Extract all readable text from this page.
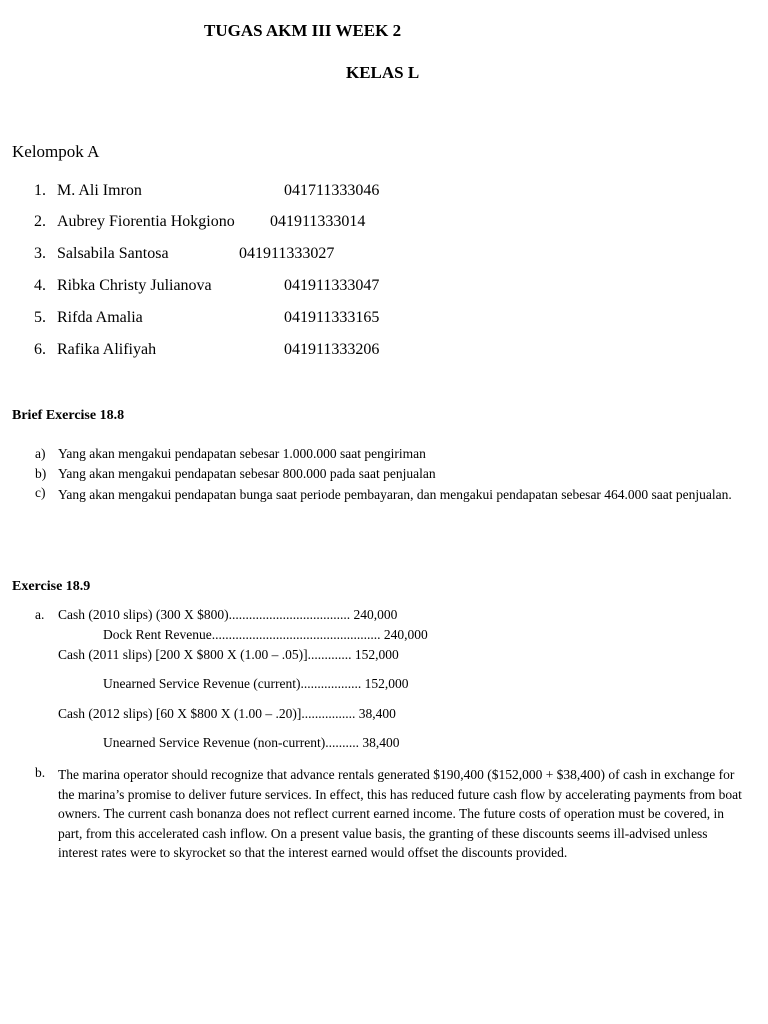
TUGAS AKM III WEEK 2
KELAS L
Kelompok A
1. M. Ali Imron	041711333046
2. Aubrey Fiorentia Hokgiono 041911333014
3. Salsabila Santosa	041911333027
4. Ribka Christy Julianova	041911333047
5. Rifda Amalia	041911333165
6. Rafika Alifiyah	041911333206
Brief Exercise 18.8
a) Yang akan mengakui pendapatan sebesar 1.000.000 saat pengiriman
b) Yang akan mengakui pendapatan sebesar 800.000 pada saat penjualan
c) Yang akan mengakui pendapatan bunga saat periode pembayaran, dan mengakui pendapatan sebesar 464.000 saat penjualan.
Exercise 18.9
a. Cash (2010 slips) (300 X $800).................................... 240,000
Dock Rent Revenue.................................................. 240,000
Cash (2011 slips) [200 X $800 X (1.00 – .05)]............. 152,000
Unearned Service Revenue (current).................. 152,000
Cash (2012 slips) [60 X $800 X (1.00 – .20)]................ 38,400
Unearned Service Revenue (non-current).......... 38,400
b. The marina operator should recognize that advance rentals generated $190,400 ($152,000 + $38,400) of cash in exchange for the marina’s promise to deliver future services. In effect, this has reduced future cash flow by accelerating payments from boat owners. The current cash bonanza does not reflect current earned income. The future costs of operation must be covered, in part, from this accelerated cash inflow. On a present value basis, the granting of these discounts seems ill-advised unless interest rates were to skyrocket so that the interest earned would offset the discounts provided.
